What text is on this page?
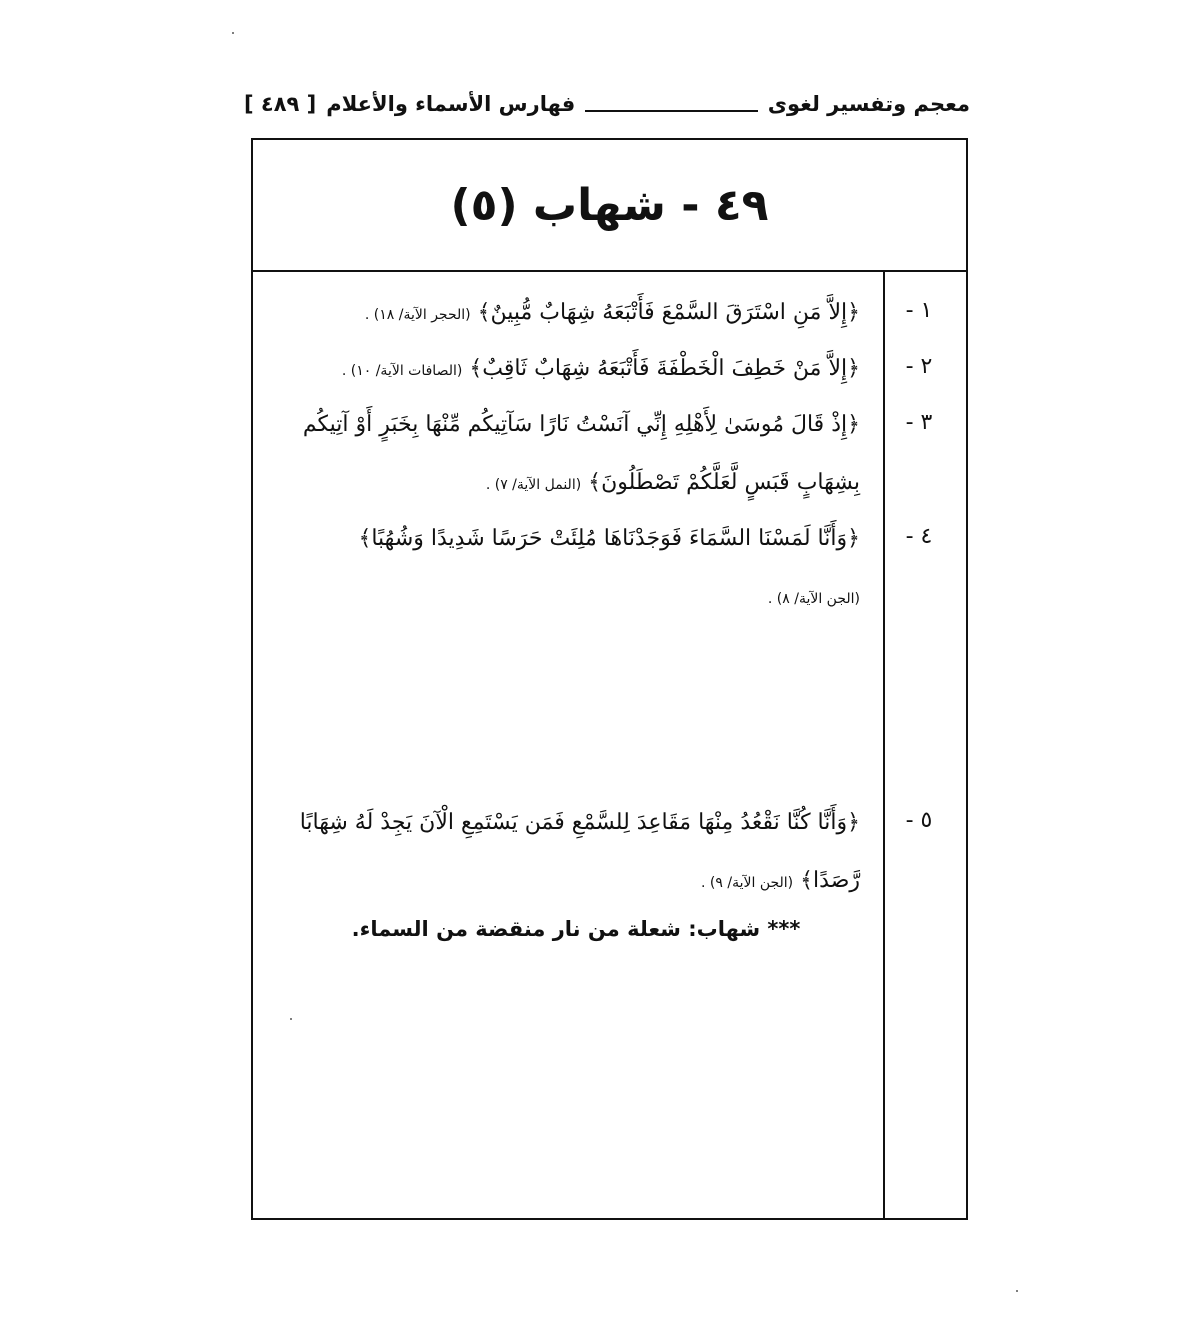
معجم وتفسير لغوى
فهارس الأسماء والأعلام
[ ٤٨٩ ]
٤٩ - شهاب (٥)
١ -
﴿إِلاَّ مَنِ اسْتَرَقَ السَّمْعَ فَأَتْبَعَهُ شِهَابٌ مُّبِينٌ﴾ (الحجر الآية/ ١٨) .
٢ -
﴿إِلاَّ مَنْ خَطِفَ الْخَطْفَةَ فَأَتْبَعَهُ شِهَابٌ ثَاقِبٌ﴾ (الصافات الآية/ ١٠) .
٣ -
﴿إِذْ قَالَ مُوسَىٰ لِأَهْلِهِ إِنِّي آنَسْتُ نَارًا سَآتِيكُم مِّنْهَا بِخَبَرٍ أَوْ آتِيكُم بِشِهَابٍ قَبَسٍ لَّعَلَّكُمْ تَصْطَلُونَ﴾ (النمل الآية/ ٧) .
٤ -
﴿وَأَنَّا لَمَسْنَا السَّمَاءَ فَوَجَدْنَاهَا مُلِئَتْ حَرَسًا شَدِيدًا وَشُهُبًا﴾
(الجن الآية/ ٨) .
٥ -
﴿وَأَنَّا كُنَّا نَقْعُدُ مِنْهَا مَقَاعِدَ لِلسَّمْعِ فَمَن يَسْتَمِعِ الْآنَ يَجِدْ لَهُ شِهَابًا رَّصَدًا﴾ (الجن الآية/ ٩) .
*** شهاب: شعلة من نار منقضة من السماء.
